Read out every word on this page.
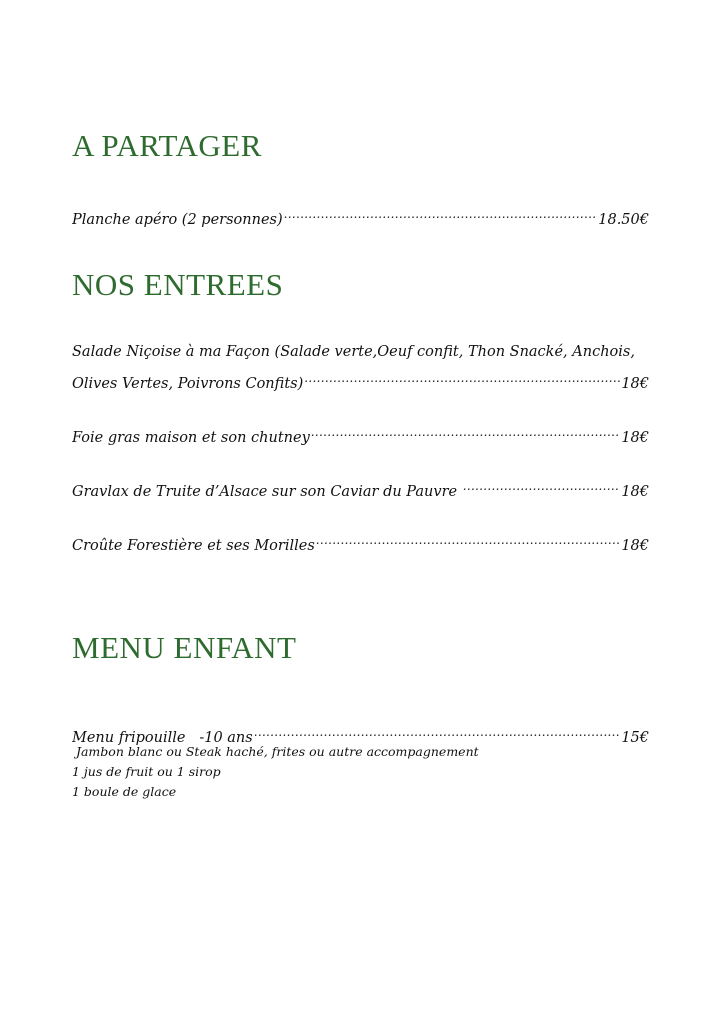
A PARTAGER
Planche apéro (2 personnes) .....	18.50€
NOS ENTREES
Salade Niçoise à ma Façon (Salade verte,Oeuf confit, Thon Snacké, Anchois,
Olives Vertes, Poivrons Confits) .....	18€
Foie gras maison et son chutney .....	18€
Gravlax de Truite d’Alsace sur son Caviar du Pauvre .....	18€
Croûte Forestière et ses Morilles .....	18€
MENU ENFANT
Menu fripouille   -10 ans .....	15€

Jambon blanc ou Steak haché, frites ou autre accompagnement

1 jus de fruit ou 1 sirop

1 boule de glace
